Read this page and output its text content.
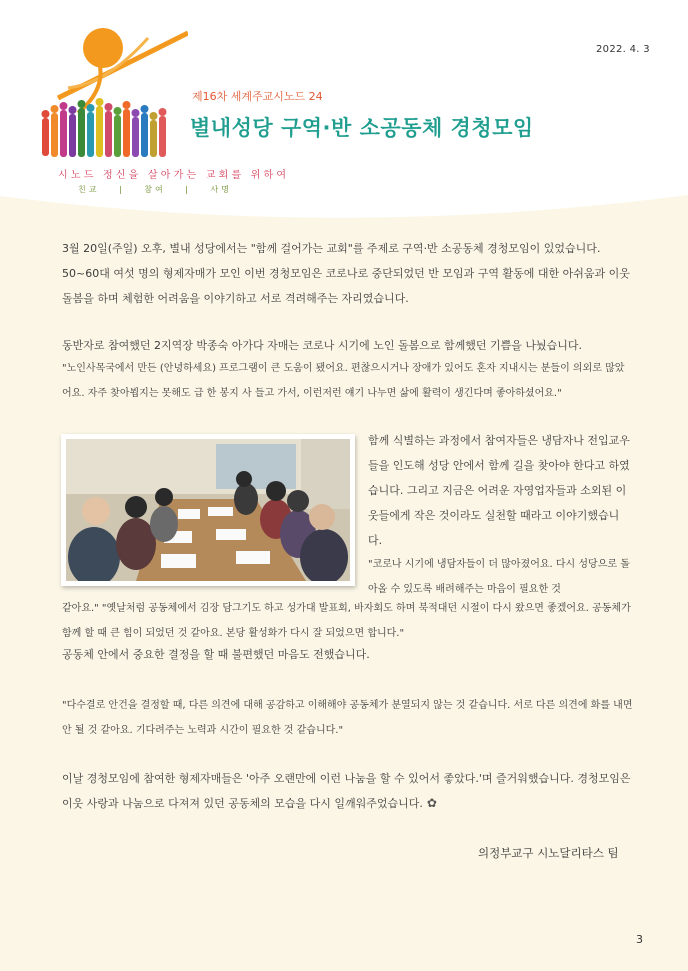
2022. 4. 3
제16차 세계주교시노드 24
별내성당 구역·반 소공동체 경청모임
시노드 정신을 살아가는 교회를 위하여
친교 | 참여 | 사명

3월 20일(주일) 오후, 별내 성당에서는 "함께 걸어가는 교회"를 주제로 구역·반 소공동체 경청모임이 있었습니다. 50~60대 여섯 명의 형제자매가 모인 이번 경청모임은 코로나로 중단되었던 반 모임과 구역 활동에 대한 아쉬움과 이웃 돌봄을 하며 체험한 어려움을 이야기하고 서로 격려해주는 자리였습니다.

동반자로 참여했던 2지역장 박종숙 아가다 자매는 코로나 시기에 노인 돌봄으로 함께했던 기쁨을 나눴습니다.

"노인사목국에서 만든 (안녕하세요) 프로그램이 큰 도움이 됐어요. 편찮으시거나 장애가 있어도 혼자 지내시는 분들이 의외로 많았어요. 자주 찾아뵙지는 못해도 급 한 봉지 사 들고 가서, 이런저런 얘기 나누면 삶에 활력이 생긴다며 좋아하셨어요."

함께 식별하는 과정에서 참여자들은 냉담자나 전입교우들을 인도해 성당 안에서 함께 길을 찾아야 한다고 하였습니다. 그리고 지금은 어려운 자영업자들과 소외된 이웃들에게 작은 것이라도 실천할 때라고 이야기했습니다.

"코로나 시기에 냉담자들이 더 많아졌어요. 다시 성당으로 돌아올 수 있도록 배려해주는 마음이 필요한 것

같아요." "옛날처럼 공동체에서 김장 담그기도 하고 성가대 발표회, 바자회도 하며 북적대던 시절이 다시 왔으면 좋겠어요. 공동체가 함께 할 때 큰 힘이 되었던 것 같아요. 본당 활성화가 다시 잘 되었으면 합니다."

공동체 안에서 중요한 결정을 할 때 불편했던 마음도 전했습니다.

"다수결로 안건을 결정할 때, 다른 의견에 대해 공감하고 이해해야 공동체가 분열되지 않는 것 같습니다. 서로 다른 의견에 화를 내면 안 될 것 같아요. 기다려주는 노력과 시간이 필요한 것 같습니다."

이날 경청모임에 참여한 형제자매들은 '아주 오랜만에 이런 나눔을 할 수 있어서 좋았다.'며 즐거워했습니다. 경청모임은 이웃 사랑과 나눔으로 다져져 있던 공동체의 모습을 다시 일깨워주었습니다. ✿

의정부교구 시노달리타스 팀
3
